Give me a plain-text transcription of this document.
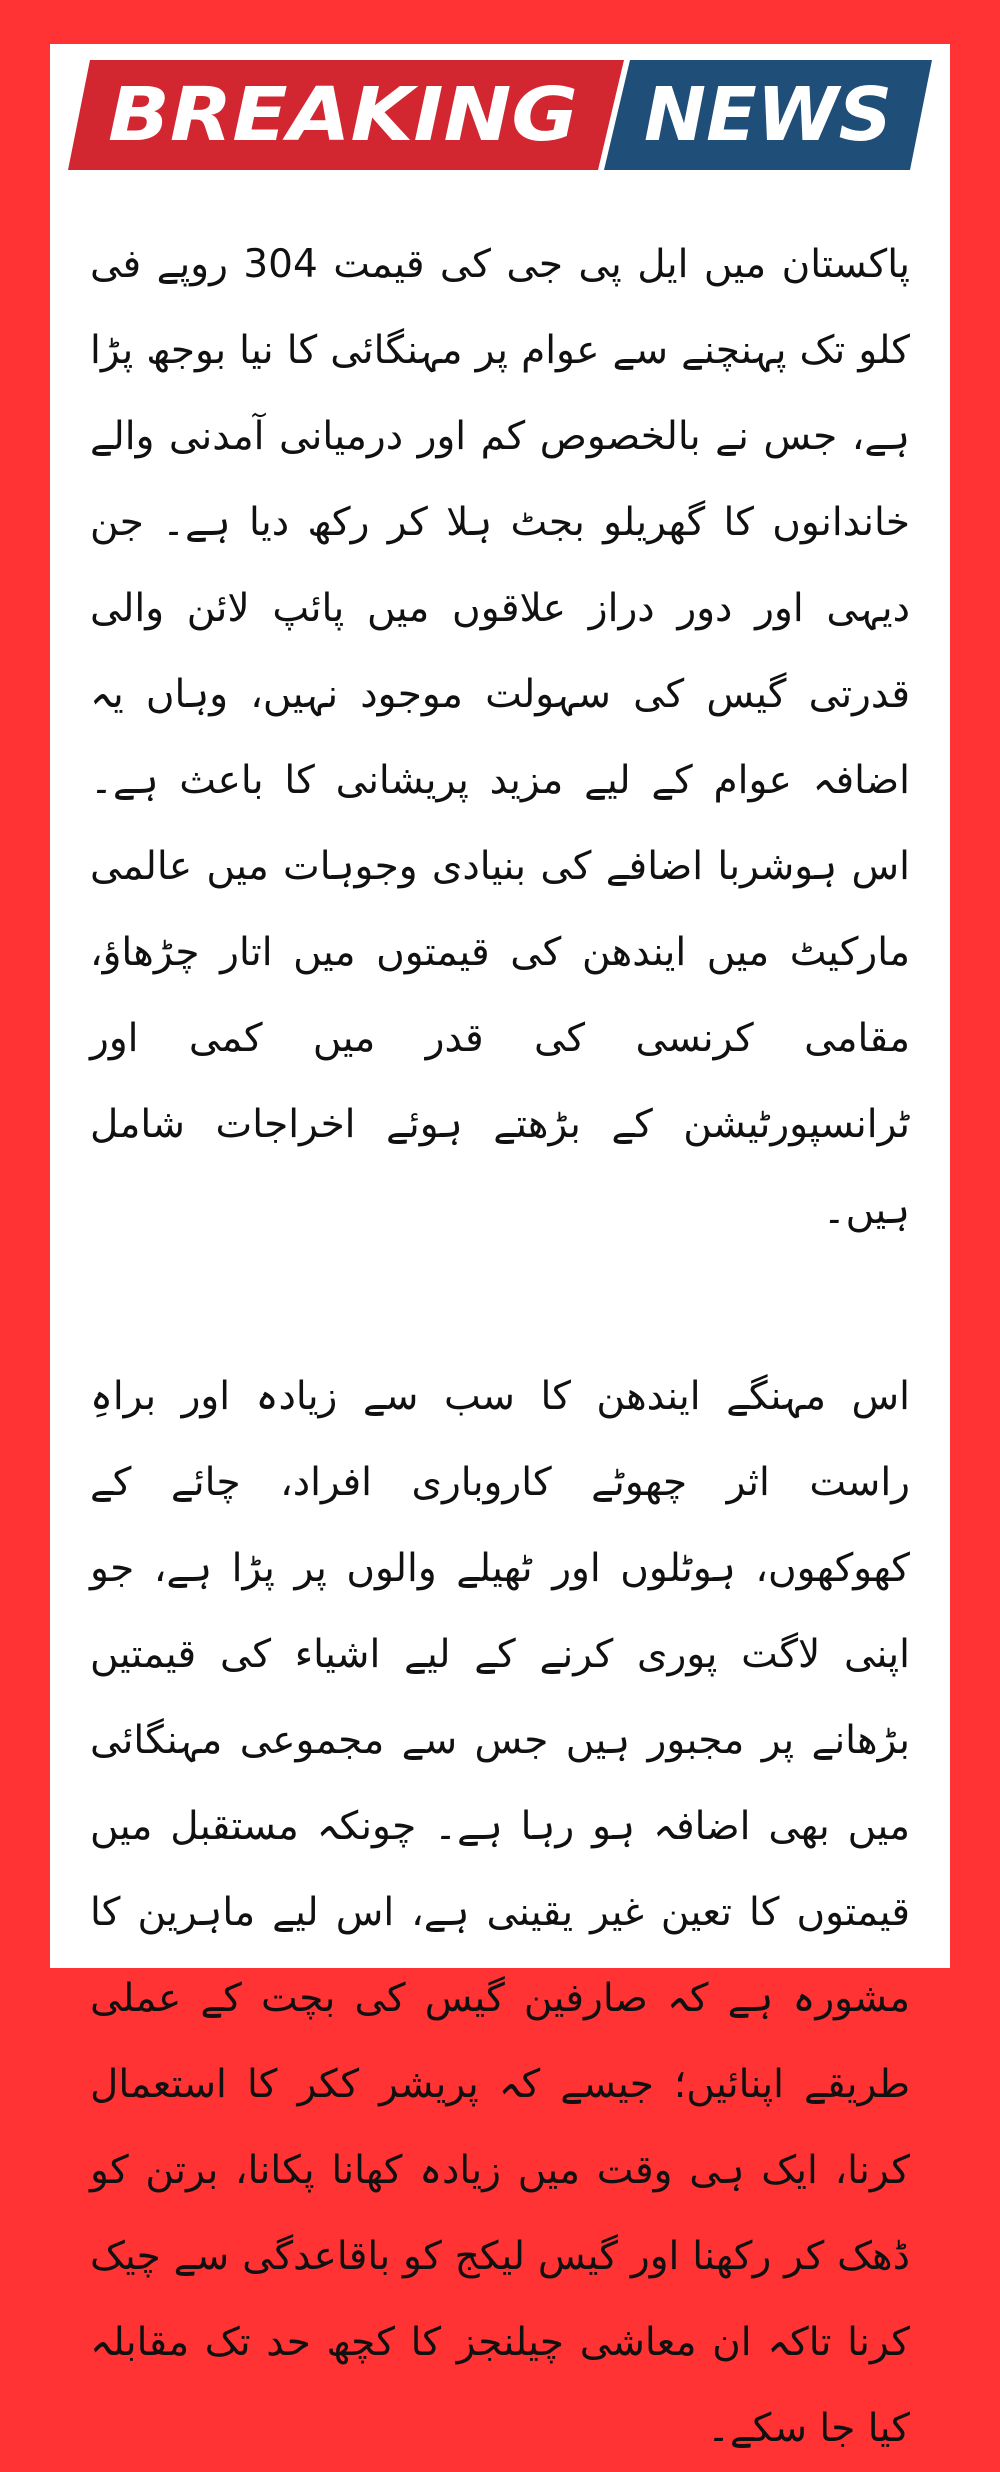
BREAKING NEWS

پاکستان میں ایل پی جی کی قیمت 304 روپے فی کلو تک پہنچنے سے عوام پر مہنگائی کا نیا بوجھ پڑا ہے، جس نے بالخصوص کم اور درمیانی آمدنی والے خاندانوں کا گھریلو بجٹ ہلا کر رکھ دیا ہے۔ جن دیہی اور دور دراز علاقوں میں پائپ لائن والی قدرتی گیس کی سہولت موجود نہیں، وہاں یہ اضافہ عوام کے لیے مزید پریشانی کا باعث ہے۔ اس ہوشربا اضافے کی بنیادی وجوہات میں عالمی مارکیٹ میں ایندھن کی قیمتوں میں اتار چڑھاؤ، مقامی کرنسی کی قدر میں کمی اور ٹرانسپورٹیشن کے بڑھتے ہوئے اخراجات شامل ہیں۔

اس مہنگے ایندھن کا سب سے زیادہ اور براہِ راست اثر چھوٹے کاروباری افراد، چائے کے کھوکھوں، ہوٹلوں اور ٹھیلے والوں پر پڑا ہے، جو اپنی لاگت پوری کرنے کے لیے اشیاء کی قیمتیں بڑھانے پر مجبور ہیں جس سے مجموعی مہنگائی میں بھی اضافہ ہو رہا ہے۔ چونکہ مستقبل میں قیمتوں کا تعین غیر یقینی ہے، اس لیے ماہرین کا مشورہ ہے کہ صارفین گیس کی بچت کے عملی طریقے اپنائیں؛ جیسے کہ پریشر ککر کا استعمال کرنا، ایک ہی وقت میں زیادہ کھانا پکانا، برتن کو ڈھک کر رکھنا اور گیس لیکج کو باقاعدگی سے چیک کرنا تاکہ ان معاشی چیلنجز کا کچھ حد تک مقابلہ کیا جا سکے۔
